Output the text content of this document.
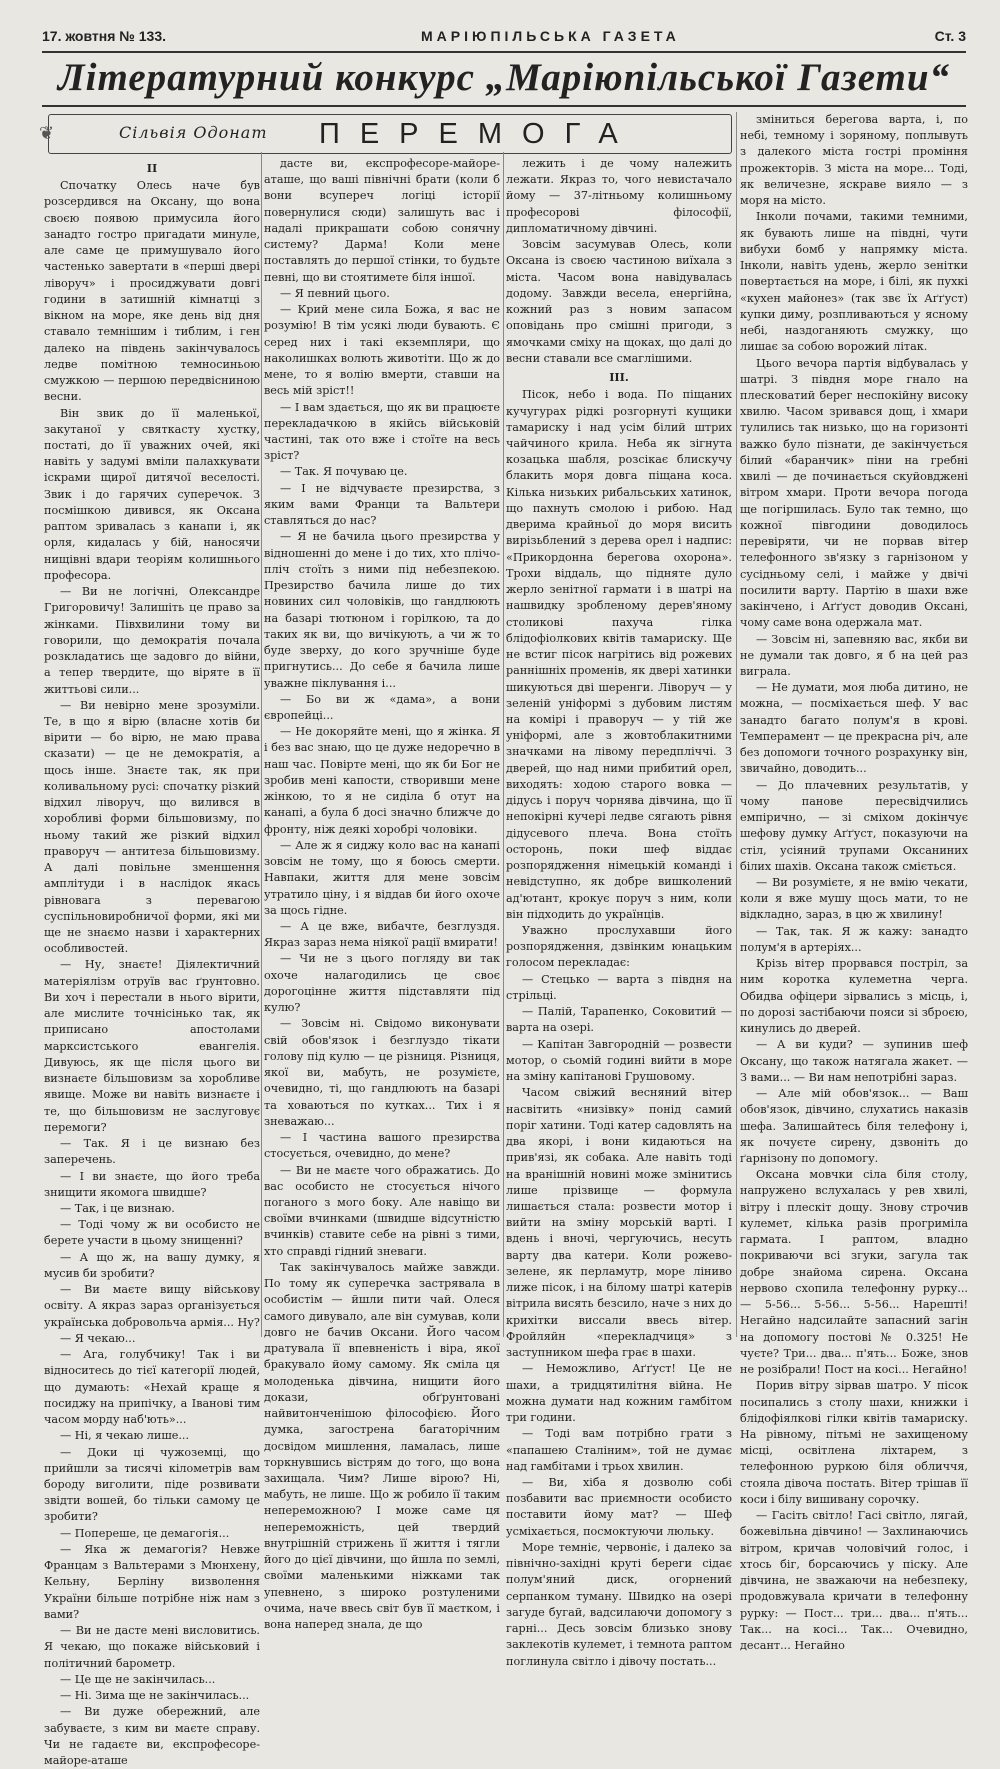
17. жовтня № 133.	МАРІЮПІЛЬСЬКА ГАЗЕТА	Ст. 3
Літературний конкурс „Маріюпільської Газети“
❦	Сільвія Одонат ПЕРЕМОГА
II

Спочатку Олесь наче був розсердився на Оксану, що вона своєю появою примусила його занадто гостро пригадати минуле, але саме це примушувало його частенько завертати в «перші двері ліворуч» і просиджувати довгі години в затишній кімнатці з вікном на море, яке день від дня ставало темнішим і тиблим, і ген далеко на південь закінчувалось ледве помітною темносиньою смужкою — першою передвісниною весни.

Він звик до її маленької, закутаної у святкасту хустку, постаті, до її уважних очей, які навіть у задумі вміли палахкувати іскрами щирої дитячої веселості. Звик і до гарячих суперечок. З посмішкою дивився, як Оксана раптом зривалась з канапи і, як орля, кидалась у бій, наносячи нищівні вдари теоріям колишнього професора.

— Ви не логічні, Олександре Григоровичу! Залишіть це право за жінками. Півхвилини тому ви говорили, що демократія почала розкладатись ще задовго до війни, а тепер твердите, що віряте в її життьові сили...

— Ви невірно мене зрозуміли. Те, в що я вірю (власне хотів би вірити — бо вірю, не маю права сказати) — це не демократія, а щось інше. Знаєте так, як при коливальному русі: спочатку різкий відхил ліворуч, що вилився в хоробливі форми більшовизму, по ньому такий же різкий відхил праворуч — антитеза більшовизму. А далі повільне зменшення амплітуди і в наслідок якась рівновага з перевагою суспільновиробничої форми, які ми ще не знаємо назви і характерних особливостей.

— Ну, знаєте! Діялектичний матеріялізм отруїв вас ґрунтовно. Ви хоч і перестали в нього вірити, але мислите точнісінько так, як приписано апостолами марксистського евангелія. Дивуюсь, як ще після цього ви визнаєте більшовизм за хоробливе явище. Може ви навіть визнаєте і те, що більшовизм не заслуговує перемоги?

— Так. Я і це визнаю без заперечень.

— І ви знаєте, що його треба знищити якомога швидше?

— Так, і це визнаю.

— Тоді чому ж ви особисто не берете участи в цьому знищенні?

— А що ж, на вашу думку, я мусив би зробити?

— Ви маєте вищу військову освіту. А якраз зараз організується українська добровольча армія... Ну?

— Я чекаю...

— Ага, голубчику! Так і ви відноситесь до тієї категорії людей, що думають: «Нехай краще я посиджу на припічку, а Іванові тим часом морду наб'ють»...

— Ні, я чекаю лише...

— Доки ці чужоземці, що прийшли за тисячі кілометрів вам бороду виголити, піде розвивати звідти вошей, бо тільки самому це зробити?

— Попереше, це демагогія...

— Яка ж демагогія? Невже Францам з Вальтерами з Мюнхену, Кельну, Берліну визволення України більше потрібне ніж нам з вами?

— Ви не дасте мені висловитись. Я чекаю, що покаже військовий і політичний барометр.

— Це ще не закінчилась...

— Ні. Зима ще не закінчилась...

— Ви дуже обережний, але забуваєте, з ким ви маєте справу. Чи не гадаєте ви, експрофесоре-майоре-аташе

дасте ви, експрофесоре-майоре-аташе, що ваші північні брати (коли б вони всупереч логіці історії повернулися сюди) залишуть вас і надалі прикрашати собою сонячну систему? Дарма! Коли мене поставлять до першої стінки, то будьте певні, що ви стоятимете біля іншої.

— Я певний цього.

— Крий мене сила Божа, я вас не розумію! В тім усякі люди бувають. Є серед них і такі екземпляри, що наколишках волють животіти. Що ж до мене, то я волію вмерти, ставши на весь мій зріст!!

— І вам здається, що як ви працюєте перекладачкою в якійсь військовій частині, так ото вже і стоїте на весь зріст?

— Так. Я почуваю це.

— І не відчуваєте презирства, з яким вами Франци та Вальтери ставляться до нас?

— Я не бачила цього презирства у відношенні до мене і до тих, хто плічо-пліч стоїть з ними під небезпекою. Презирство бачила лише до тих новиних сил чоловіків, що гандлюють на базарі тютюном і горілкою, та до таких як ви, що вичікують, а чи ж то буде зверху, до кого зручніше буде пригнутись... До себе я бачила лише уважне піклування і...

— Бо ви ж «дама», а вони європейці...

— Не докоряйте мені, що я жінка. Я і без вас знаю, що це дуже недоречно в наш час. Повірте мені, що як би Бог не зробив мені капости, створивши мене жінкою, то я не сиділа б отут на канапі, а була б досі значно ближче до фронту, ніж деякі хоробрі чоловіки.

— Але ж я сиджу коло вас на канапі зовсім не тому, що я боюсь смерти. Навпаки, життя для мене зовсім утратило ціну, і я віддав би його охоче за щось гідне.

— А це вже, вибачте, безглуздя. Якраз зараз нема ніякої рації вмирати!

— Чи не з цього погляду ви так охоче налагодились це своє дорогоцінне життя підставляти під кулю?

— Зовсім ні. Свідомо виконувати свій обов'язок і безглуздо тікати голову під кулю — це різниця. Різниця, якої ви, мабуть, не розумієте, очевидно, ті, що гандлюють на базарі та ховаються по кутках... Тих і я зневажаю...

— І частина вашого презирства стосується, очевидно, до мене?

— Ви не маєте чого ображатись. До вас особисто не стосується нічого поганого з мого боку. Але навіщо ви своїми вчинками (швидше відсутністю вчинків) ставите себе на рівні з тими, хто справді гідний зневаги.

Так закінчувалось майже завжди. По тому як суперечка застрявала в особистім — йшли пити чай. Олеся самого дивувало, але він сумував, коли довго не бачив Оксани. Його часом дратувала її впевненість і віра, якої бракувало йому самому. Як сміла ця молоденька дівчина, нищити його докази, обґрунтовані найвитонченішою філософією. Його думка, загострена багаторічним досвідом мишлення, ламалась, лише торкнувшись вістрям до того, що вона захищала. Чим? Лише вірою? Ні, мабуть, не лише. Що ж робило її таким непереможною? І може саме ця непереможність, цей твердий внутрішній стрижень її життя і тягли його до цієї дівчини, що йшла по землі, своїми маленькими ніжками так упевнено, з широко розтуленими очима, наче ввесь світ був її маєтком, і вона наперед знала, де що

лежить і де чому належить лежати. Якраз то, чого невистачало йому — 37-літньому колишньому професорові філософії, дипломатичному дівчині.

Зовсім засумував Олесь, коли Оксана із своєю частиною виїхала з міста. Часом вона навідувалась додому. Завжди весела, енергійна, кожний раз з новим запасом оповідань про смішні пригоди, з ямочками сміху на щоках, що далі до весни ставали все смаглішими.

III.

Пісок, небо і вода. По піщаних кучугурах рідкі розгорнуті кущики тамариску і над усім білий штрих чайчиного крила. Неба як зігнута козацька шабля, розсікає блискучу блакить моря довга піщана коса. Кілька низьких рибальських хатинок, що пахнуть смолою і рибою. Над дверима крайньої до моря висить вирізьблений з дерева орел і надпис: «Прикордонна берегова охорона». Трохи віддаль, що підняте дуло жерло зенітної гармати і в шатрі на нашвидку зробленому дерев'яному столикові пахуча гілка блідофіолкових квітів тамариску. Ще не встиг пісок нагрітись від рожевих раннішніх променів, як двері хатинки шикуються дві шеренги. Ліворуч — у зеленій уніформі з дубовим листям на комірі і праворуч — у тій же уніформі, але з жовтоблакитними значками на лівому передпліччі. З дверей, що над ними прибитий орел, виходять: ходою старого вовка — дідусь і поруч чорнява дівчина, що її непокірні кучері ледве сягають рівня дідусевого плеча. Вона стоїть осторонь, поки шеф віддає розпорядження німецькій команді і невідступно, як добре вишколений ад'ютант, крокує поруч з ним, коли він підходить до українців.

Уважно прослухавши його розпорядження, дзвінким юнацьким голосом перекладає:

— Стецько — варта з півдня на стрільці.

— Палій, Тарапенко, Соковитий — варта на озері.

— Капітан Завгородній — розвести мотор, о сьомій годині вийти в море на зміну капітанові Грушовому.

Часом свіжий весняний вітер насвітить «низівку» понід самий поріг хатини. Тоді катер садовлять на два якорі, і вони кидаються на прив'язі, як собака. Але навіть тоді на вранішній новині може змінитись лише прізвище — формула лишається стала: розвести мотор і вийти на зміну морській варті. І вдень і вночі, чергуючись, несуть варту два катери. Коли рожево-зелене, як перламутр, море ліниво лиже пісок, і на білому шатрі катерів вітрила висять безсило, наче з них до крихітки виссали ввесь вітер. Фройляйн «перекладчиця» з заступником шефа грає в шахи.

— Неможливо, Аґґуст! Це не шахи, а тридцятилітня війна. Не можна думати над кожним гамбітом три години.

— Тоді вам потрібно грати з «папашею Сталіним», той не думає над гамбітами і трьох хвилин.

— Ви, хіба я дозволю собі позбавити вас приємности особисто поставити йому мат? — Шеф усміхається, посмоктуючи люльку.

Море темніє, червоніє, і далеко за північно-західні круті береги сідає полум'яний диск, огорнений серпанком туману. Швидко на озері загуде бугай, вадсилаючи допомогу з гарні... Десь зовсім близько знову заклекотів кулемет, і темнота раптом поглинула світло і дівочу постать...

зміниться берегова варта, і, по небі, темному і зоряному, поплывуть з далекого міста гострі проміння прожекторів. З міста на море... Тоді, як величезне, яскраве вияло — з моря на місто.

Інколи почами, такими темними, як бувають лише на півдні, чути вибухи бомб у напрямку міста. Інколи, навіть удень, жерло зенітки повертається на море, і білі, як пухкі «кухен майонез» (так звє їх Аґґуст) купки диму, розпливаються у ясному небі, наздоганяють смужку, що лишає за собою ворожий літак.

Цього вечора партія відбувалась у шатрі. З півдня море гнало на плесковатий берег неспокійну високу хвилю. Часом зривався дощ, і хмари тулились так низько, що на горизонті важко було пізнати, де закінчується білий «баранчик» піни на гребні хвилі — де починається скуйовджені вітром хмари. Проти вечора погода ще погіршилась. Було так темно, що кожної півгодини доводилось перевіряти, чи не порвав вітер телефонного зв'язку з гарнізоном у сусідньому селі, і майже у двічі посилити варту. Партію в шахи вже закінчено, і Аґґуст доводив Оксані, чому саме вона одержала мат.

— Зовсім ні, запевняю вас, якби ви не думали так довго, я б на цей раз виграла.

— Не думати, моя люба дитино, не можна, — посміхається шеф. У вас занадто багато полум'я в крові. Темперамент — це прекрасна річ, але без допомоги точного розрахунку він, звичайно, доводить...

— До плачевних результатів, у чому панове пересвідчились емпірично, — зі сміхом докінчує шефову думку Аґґуст, показуючи на стіл, усіяний трупами Оксаниних білих шахів. Оксана також сміється.

— Ви розумієте, я не вмію чекати, коли я вже мушу щось мати, то не відкладно, зараз, в цю ж хвилину!

— Так, так. Я ж кажу: занадто полум'я в артеріях...

Крізь вітер прорвався постріл, за ним коротка кулеметна черга. Обидва офіцери зірвались з місць, і, по дорозі застібаючи пояси зі зброєю, кинулись до дверей.

— А ви куди? — зупинив шеф Оксану, що також натягала жакет. — З вами... — Ви нам непотрібні зараз.

— Але мій обов'язок... — Ваш обов'язок, дівчино, слухатись наказів шефа. Залишайтесь біля телефону і, як почуєте сирену, дзвоніть до ґарнізону по допомогу.

Оксана мовчки сіла біля столу, напружено вслухалась у рев хвилі, вітру і плескіт дощу. Знову строчив кулемет, кілька разів прогриміла гармата. І раптом, владно покриваючи всі згуки, загула так добре знайома сирена. Оксана нервово схопила телефонну рурку... — 5-56... 5-56... 5-56... Нарешті! Негайно надсилайте запасний загін на допомогу постові № 0.325! Не чуєте? Три... два... п'ять... Боже, знов не розібрали! Пост на косі... Негайно!

Порив вітру зірвав шатро. У пісок посипались з столу шахи, книжки і блідофіялкові гілки квітів тамариску. На рівному, пітьмі не захищеному місці, освітлена ліхтарем, з телефонною руркою біля обличчя, стояла дівоча постать. Вітер трішав її коси і білу вишивану сорочку.

— Гасіть світло! Гасі світло, лягай, божевільна дівчино! — Захлинаючись вітром, кричав чоловічий голос, і хтось біг, борсаючись у піску. Але дівчина, не зважаючи на небезпеку, продовжувала кричати в телефонну рурку: — Пост... три... два... п'ять... Так... на косі... Так... Очевидно, десант... Негайно
